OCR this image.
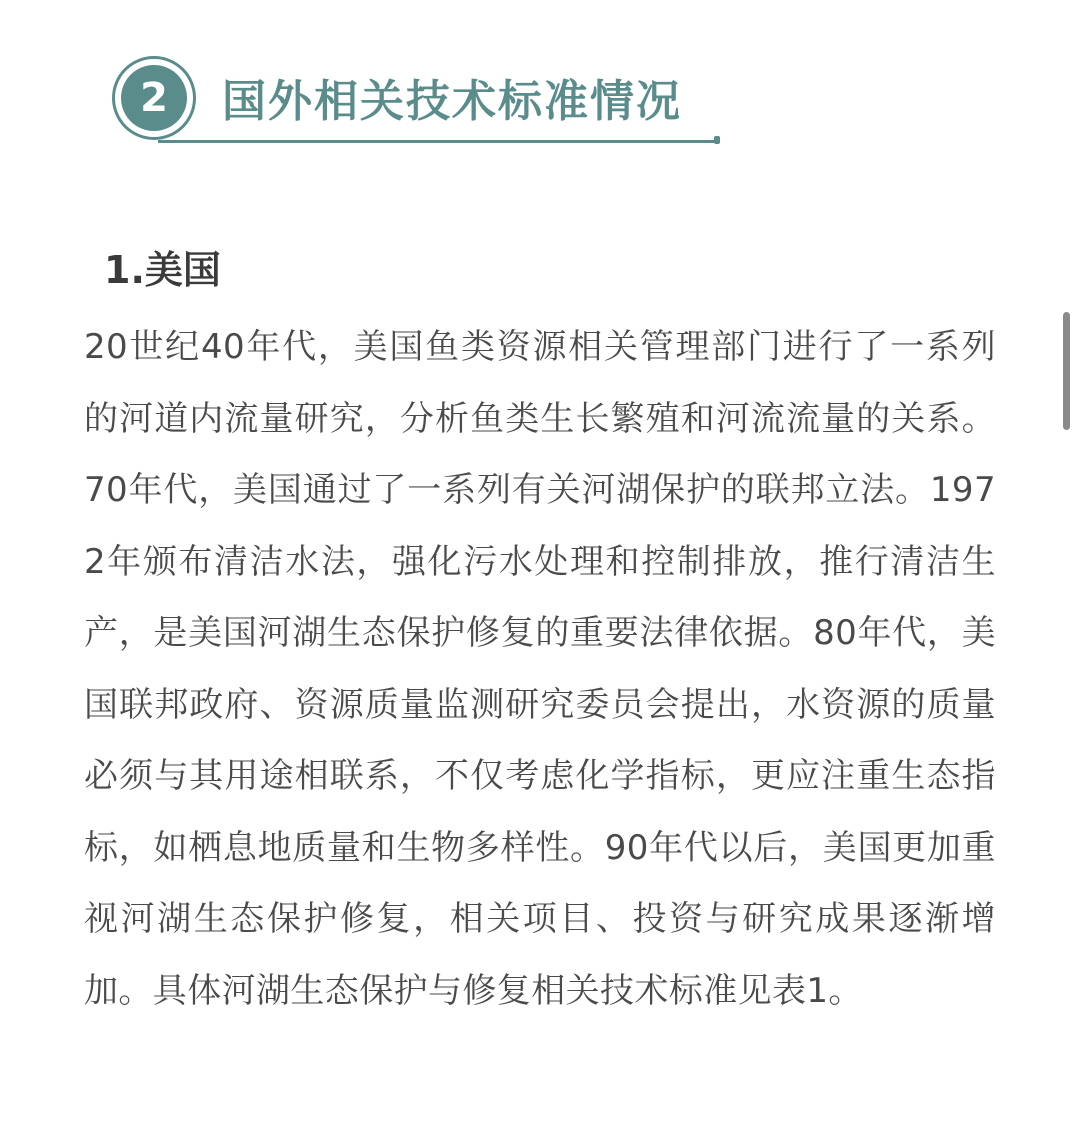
2	国外相关技术标准情况
1.美国

20世纪40年代，美国鱼类资源相关管理部门进行了一系列的河道内流量研究，分析鱼类生长繁殖和河流流量的关系。70年代，美国通过了一系列有关河湖保护的联邦立法。1972年颁布清洁水法，强化污水处理和控制排放，推行清洁生产，是美国河湖生态保护修复的重要法律依据。80年代，美国联邦政府、资源质量监测研究委员会提出，水资源的质量必须与其用途相联系，不仅考虑化学指标，更应注重生态指标，如栖息地质量和生物多样性。90年代以后，美国更加重视河湖生态保护修复，相关项目、投资与研究成果逐渐增加。具体河湖生态保护与修复相关技术标准见表1。
